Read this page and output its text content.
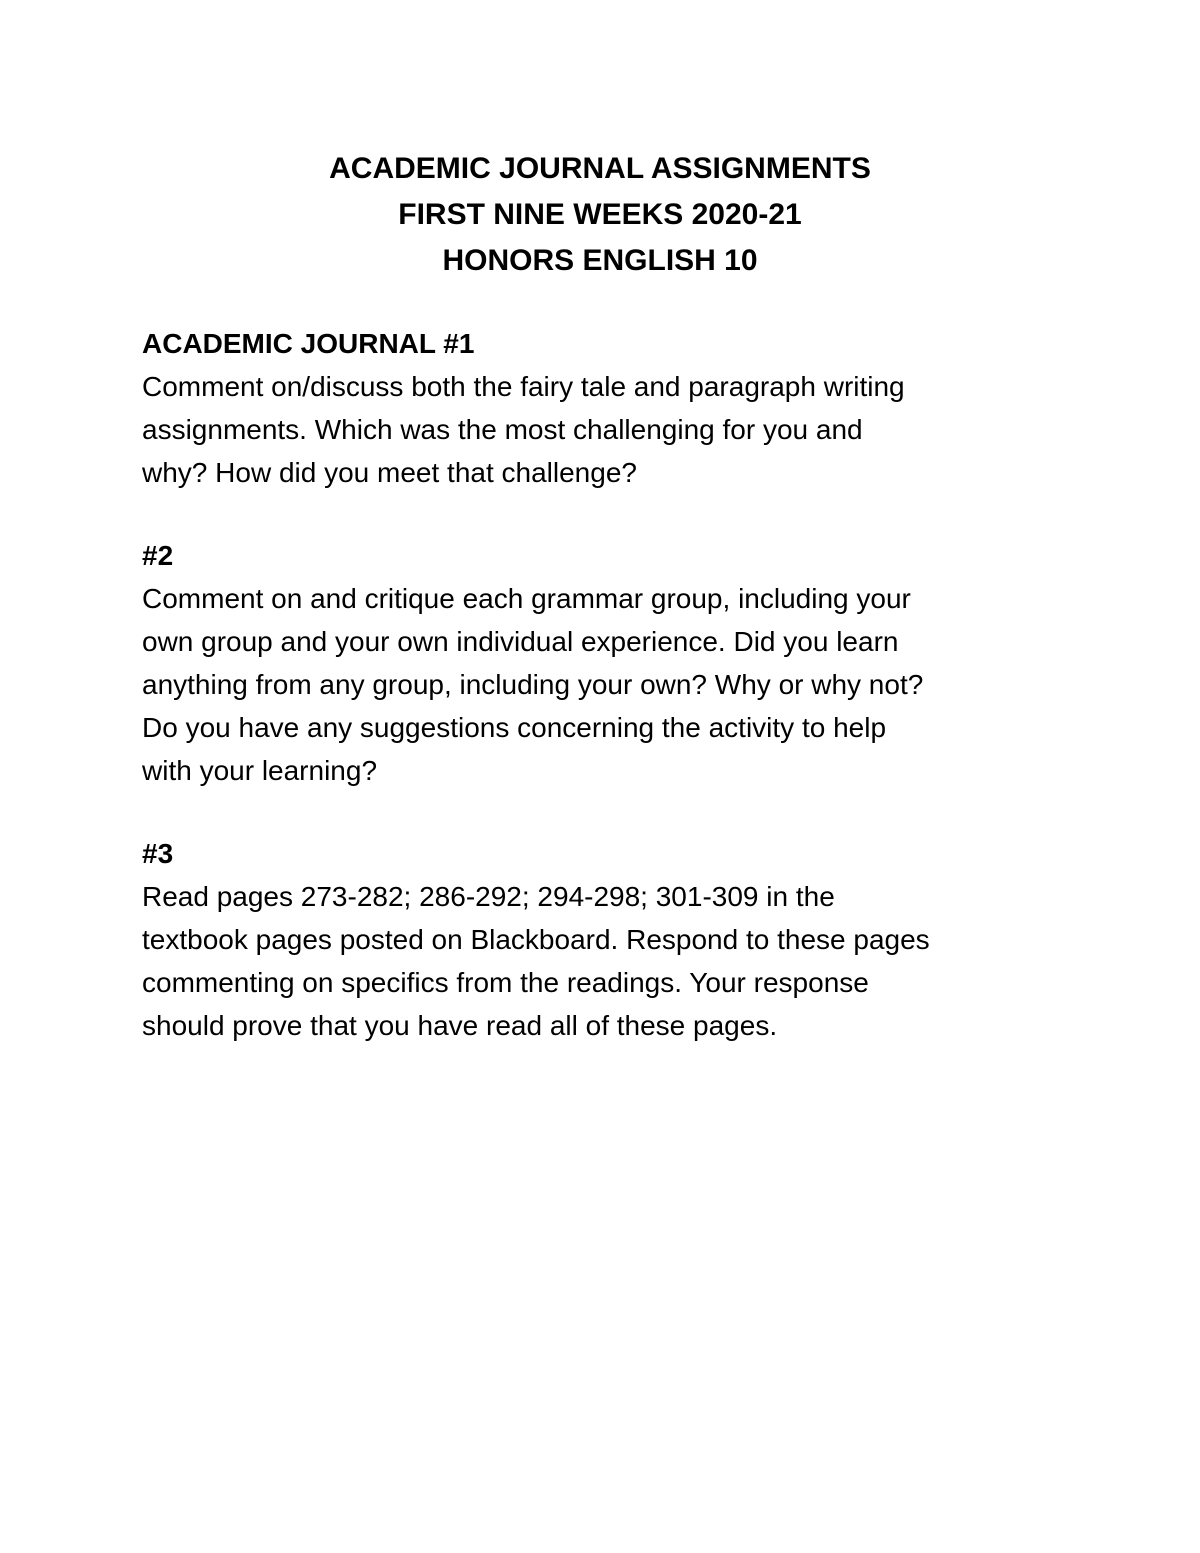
ACADEMIC JOURNAL ASSIGNMENTS

FIRST NINE WEEKS 2020-21

HONORS ENGLISH 10

ACADEMIC JOURNAL #1

Comment on/discuss both the fairy tale and paragraph writing

assignments. Which was the most challenging for you and

why? How did you meet that challenge?

#2

Comment on and critique each grammar group, including your

own group and your own individual experience. Did you learn

anything from any group, including your own? Why or why not?

Do you have any suggestions concerning the activity to help

with your learning?

#3

Read pages 273-282; 286-292; 294-298; 301-309 in the

textbook pages posted on Blackboard. Respond to these pages

commenting on specifics from the readings. Your response

should prove that you have read all of these pages.
